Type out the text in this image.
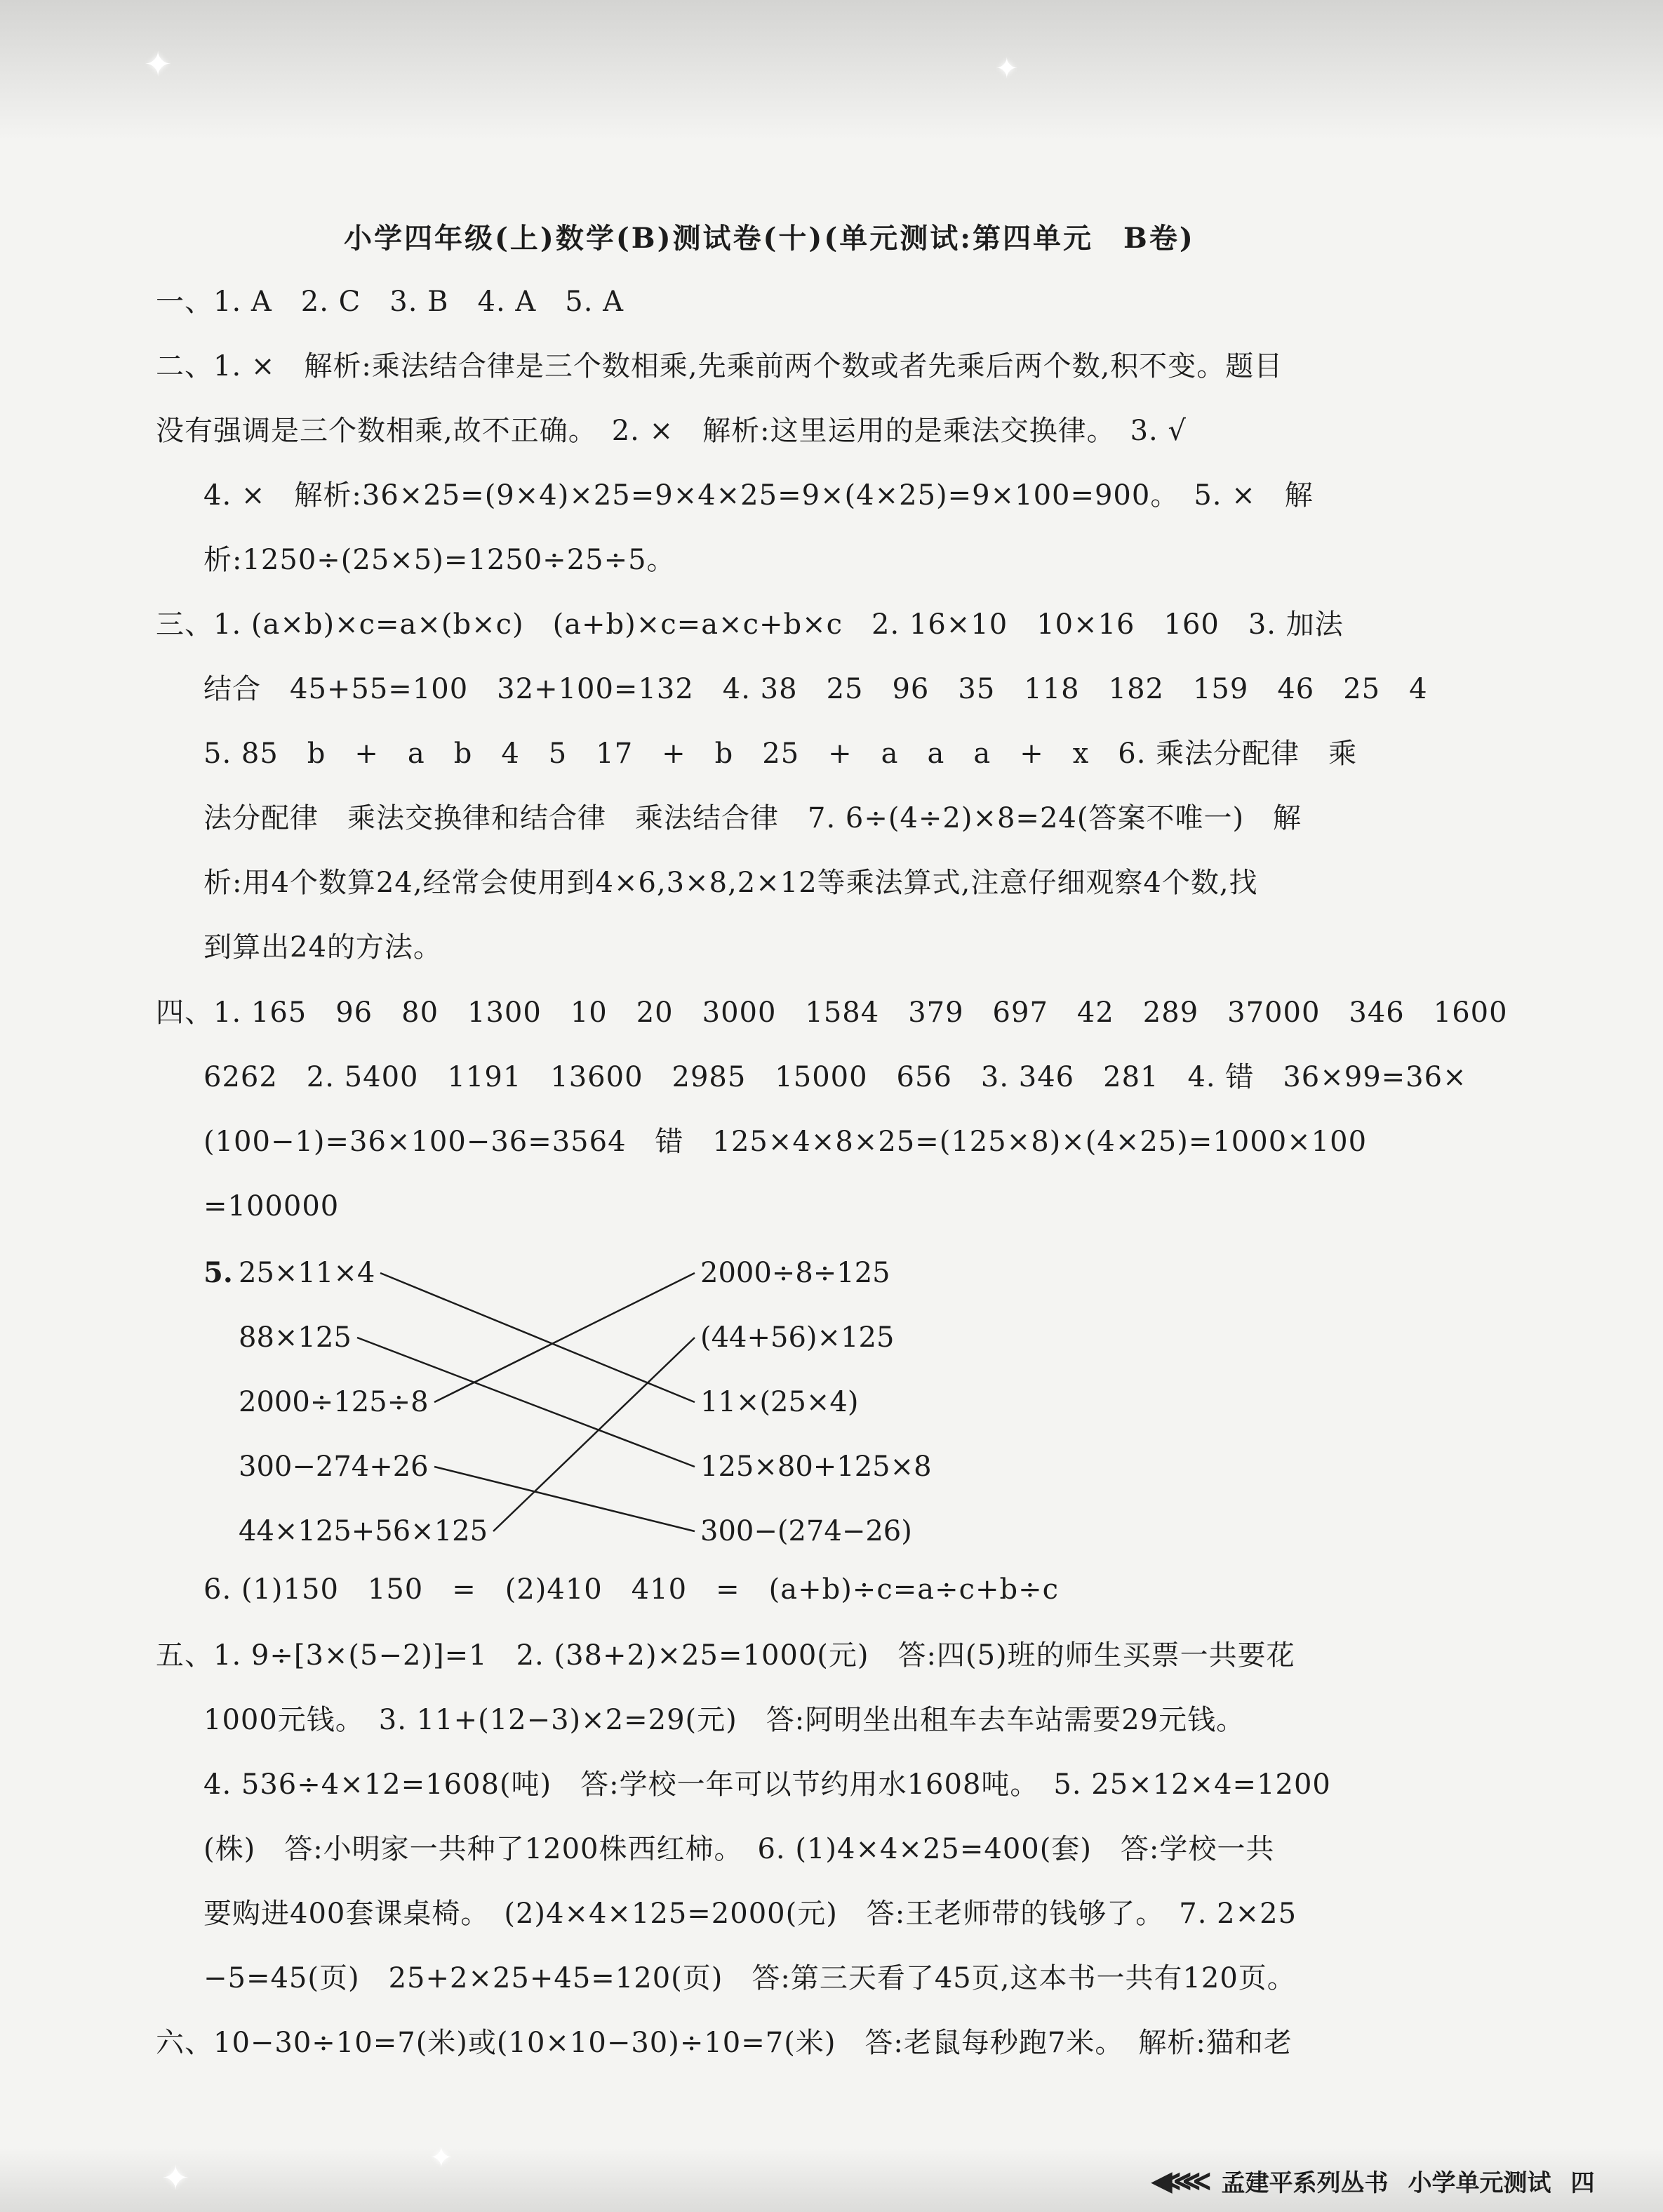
✦	✦
✦
✦
小学四年级(上)数学(B)测试卷(十)(单元测试:第四单元　B卷)
一、1. A　2. C　3. B　4. A　5. A
二、1. ×　解析:乘法结合律是三个数相乘,先乘前两个数或者先乘后两个数,积不变。题目
没有强调是三个数相乘,故不正确。　2. ×　解析:这里运用的是乘法交换律。　3. √
4. ×　解析:36×25=(9×4)×25=9×4×25=9×(4×25)=9×100=900。　5. ×　解
析:1250÷(25×5)=1250÷25÷5。
三、1. (a×b)×c=a×(b×c)　(a+b)×c=a×c+b×c　2. 16×10　10×16　160　3. 加法
结合　45+55=100　32+100=132　4. 38　25　96　35　118　182　159　46　25　4
5. 85　b　+　a　b　4　5　17　+　b　25　+　a　a　a　+　x　6. 乘法分配律　乘
法分配律　乘法交换律和结合律　乘法结合律　7. 6÷(4÷2)×8=24(答案不唯一)　解
析:用4个数算24,经常会使用到4×6,3×8,2×12等乘法算式,注意仔细观察4个数,找
到算出24的方法。
四、1. 165　96　80　1300　10　20　3000　1584　379　697　42　289　37000　346　1600
6262　2. 5400　1191　13600　2985　15000　656　3. 346　281　4. 错　36×99=36×
(100−1)=36×100−36=3564　错　125×4×8×25=(125×8)×(4×25)=1000×100
=100000
6. (1)150　150　=　(2)410　410　=　(a+b)÷c=a÷c+b÷c
五、1. 9÷[3×(5−2)]=1　2. (38+2)×25=1000(元)　答:四(5)班的师生买票一共要花
1000元钱。　3. 11+(12−3)×2=29(元)　答:阿明坐出租车去车站需要29元钱。
4. 536÷4×12=1608(吨)　答:学校一年可以节约用水1608吨。　5. 25×12×4=1200
(株)　答:小明家一共种了1200株西红柿。　6. (1)4×4×25=400(套)　答:学校一共
要购进400套课桌椅。　(2)4×4×125=2000(元)　答:王老师带的钱够了。　7. 2×25
−5=45(页)　25+2×25+45=120(页)　答:第三天看了45页,这本书一共有120页。
六、10−30÷10=7(米)或(10×10−30)÷10=7(米)　答:老鼠每秒跑7米。　解析:猫和老
5. 25×11×4
88×125
2000÷125÷8
300−274+26
44×125+56×125
2000÷8÷125
(44+56)×125
11×(25×4)
125×80+125×8
300−(274−26)
◀≪≪ 孟建平系列丛书 小学单元测试 四
